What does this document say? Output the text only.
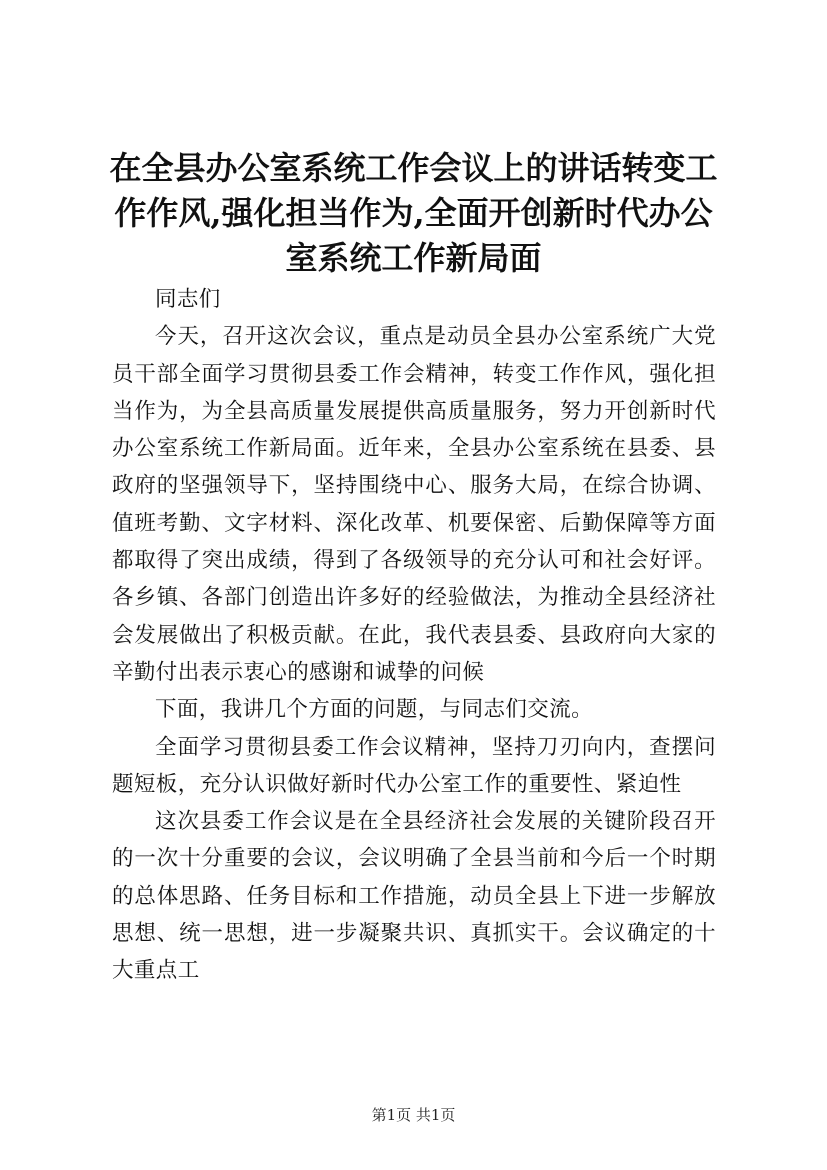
在全县办公室系统工作会议上的讲话转变工作作风,强化担当作为,全面开创新时代办公室系统工作新局面

同志们

今天，召开这次会议，重点是动员全县办公室系统广大党员干部全面学习贯彻县委工作会精神，转变工作作风，强化担当作为，为全县高质量发展提供高质量服务，努力开创新时代办公室系统工作新局面。近年来，全县办公室系统在县委、县政府的坚强领导下，坚持围绕中心、服务大局，在综合协调、值班考勤、文字材料、深化改革、机要保密、后勤保障等方面都取得了突出成绩，得到了各级领导的充分认可和社会好评。各乡镇、各部门创造出许多好的经验做法，为推动全县经济社会发展做出了积极贡献。在此，我代表县委、县政府向大家的辛勤付出表示衷心的感谢和诚挚的问候

下面，我讲几个方面的问题，与同志们交流。

全面学习贯彻县委工作会议精神，坚持刀刃向内，查摆问题短板，充分认识做好新时代办公室工作的重要性、紧迫性

这次县委工作会议是在全县经济社会发展的关键阶段召开的一次十分重要的会议，会议明确了全县当前和今后一个时期的总体思路、任务目标和工作措施，动员全县上下进一步解放思想、统一思想，进一步凝聚共识、真抓实干。会议确定的十大重点工

第1页 共1页
